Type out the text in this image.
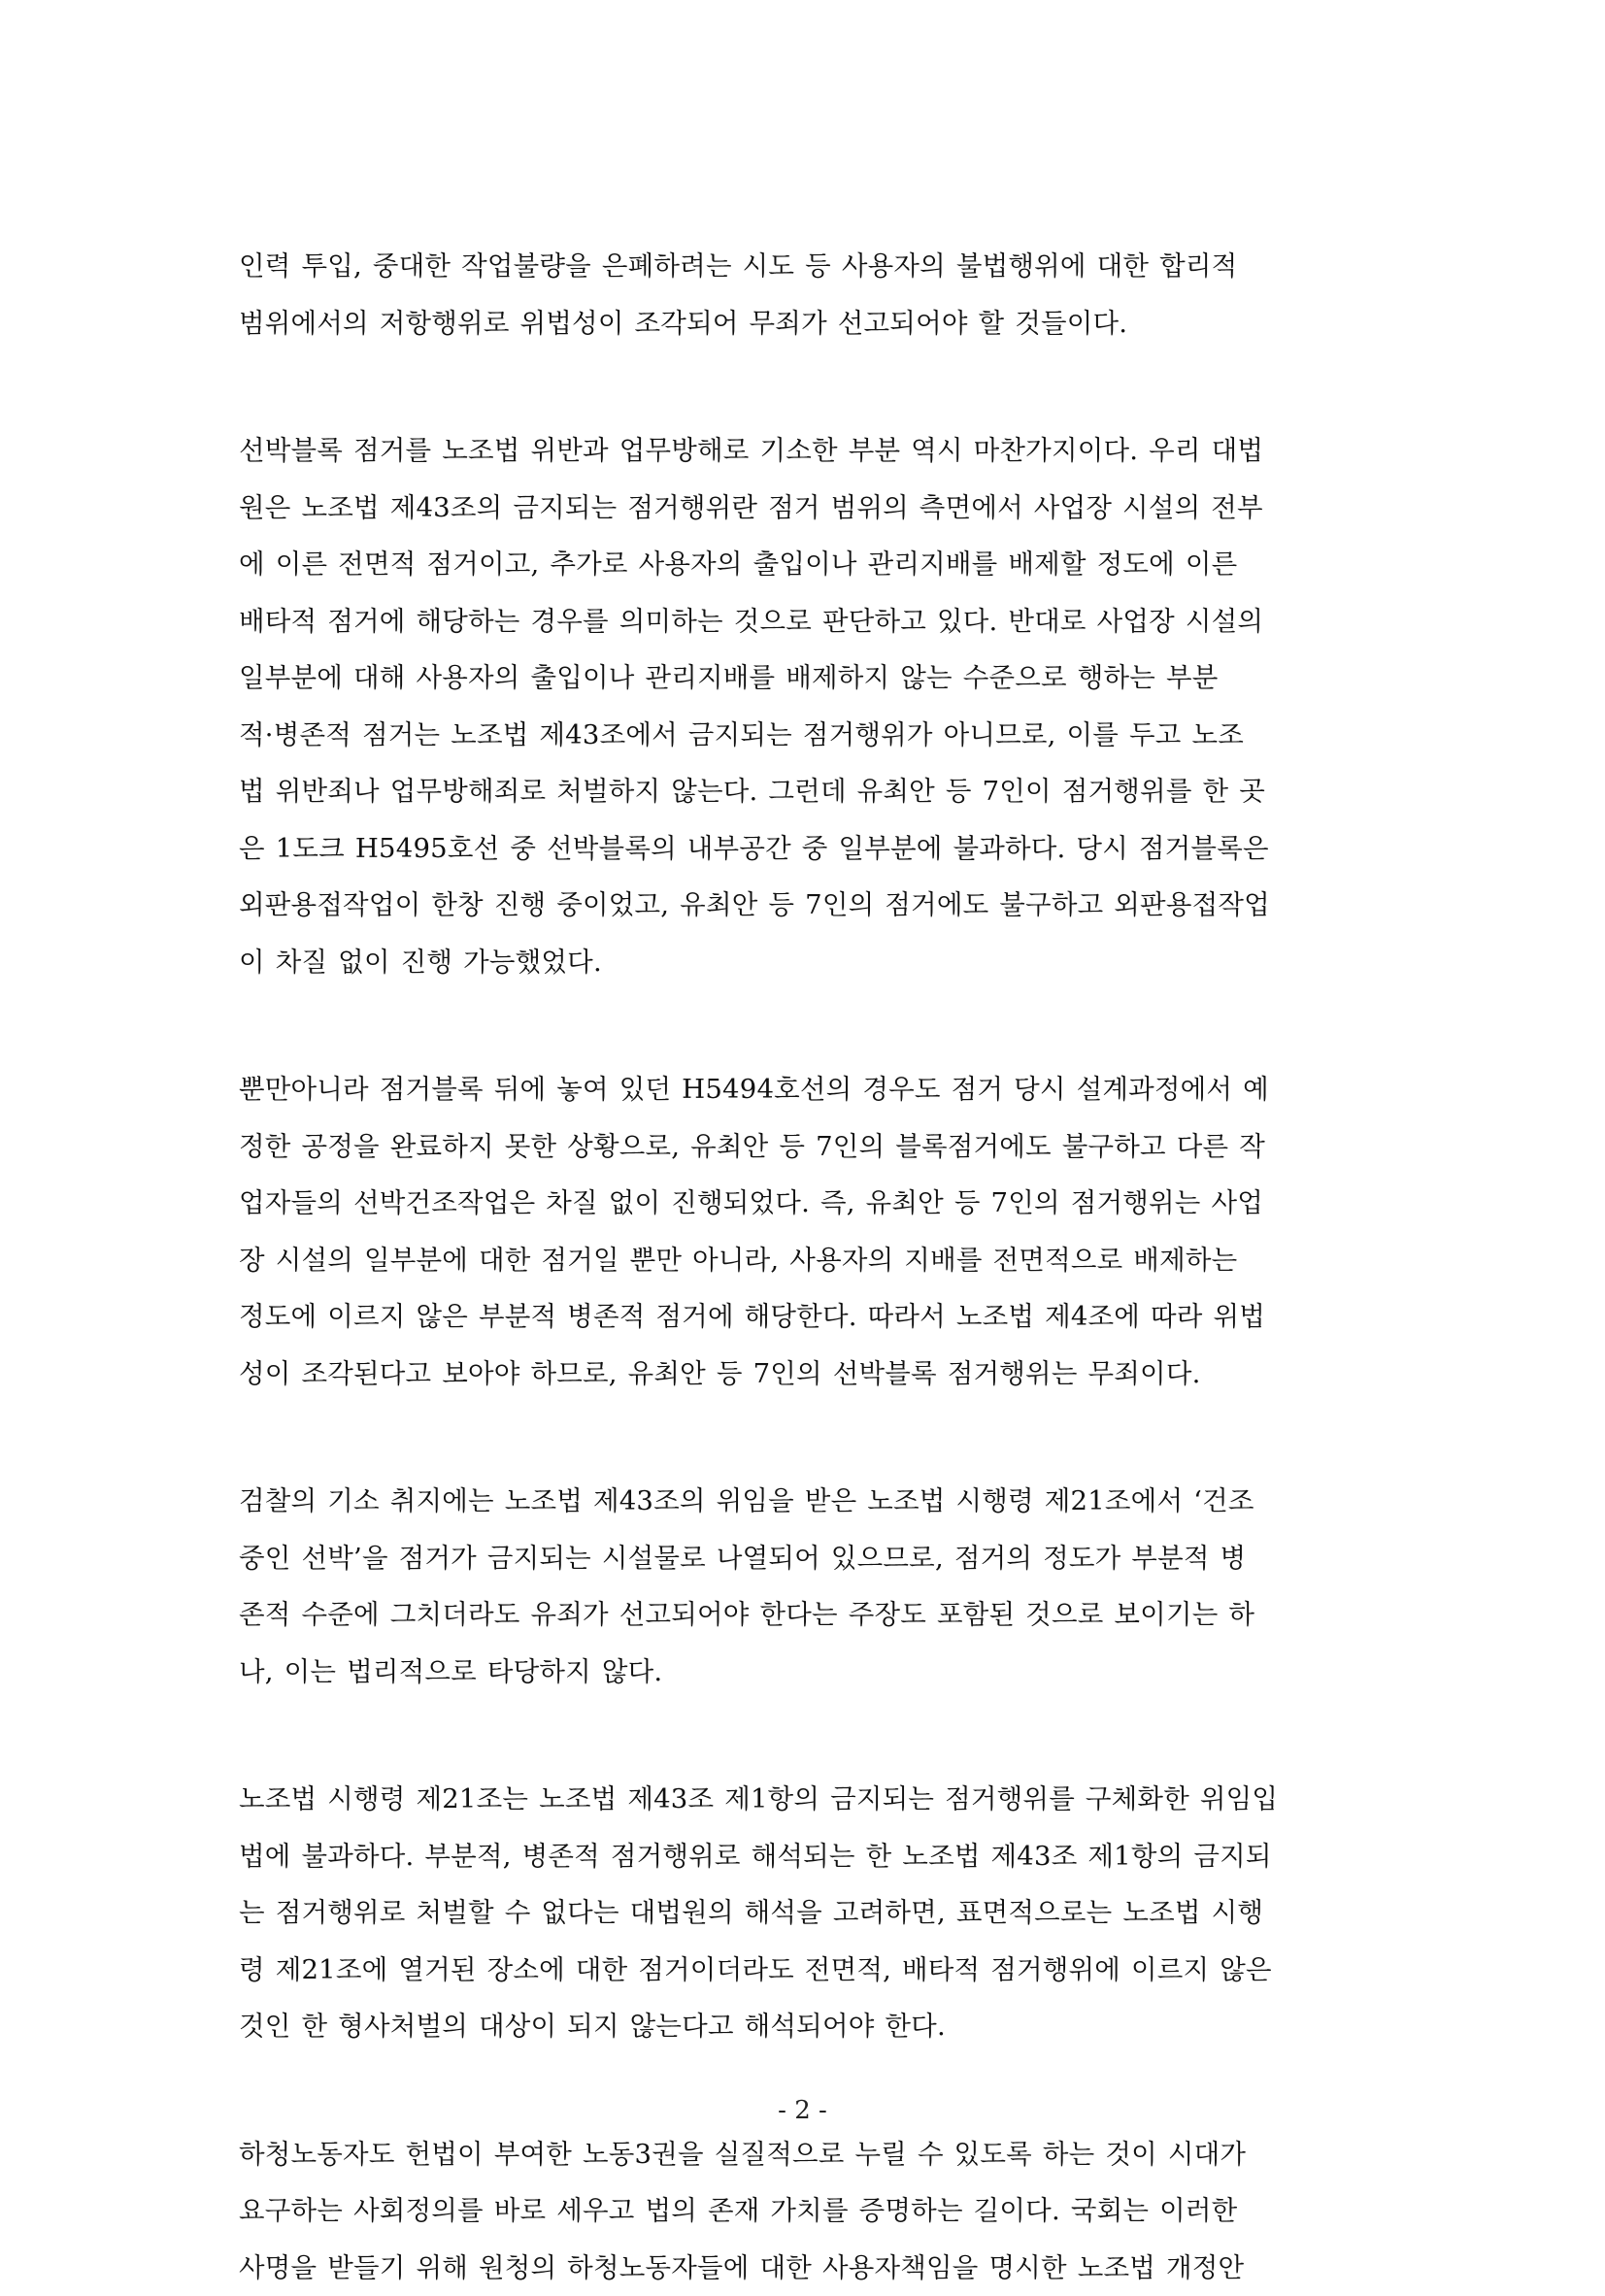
인력 투입, 중대한 작업불량을 은폐하려는 시도 등 사용자의 불법행위에 대한 합리적
범위에서의 저항행위로 위법성이 조각되어 무죄가 선고되어야 할 것들이다.

선박블록 점거를 노조법 위반과 업무방해로 기소한 부분 역시 마찬가지이다. 우리 대법
원은 노조법 제43조의 금지되는 점거행위란 점거 범위의 측면에서 사업장 시설의 전부
에 이른 전면적 점거이고, 추가로 사용자의 출입이나 관리지배를 배제할 정도에 이른
배타적 점거에 해당하는 경우를 의미하는 것으로 판단하고 있다. 반대로 사업장 시설의
일부분에 대해 사용자의 출입이나 관리지배를 배제하지 않는 수준으로 행하는 부분
적·병존적 점거는 노조법 제43조에서 금지되는 점거행위가 아니므로, 이를 두고 노조
법 위반죄나 업무방해죄로 처벌하지 않는다. 그런데 유최안 등 7인이 점거행위를 한 곳
은 1도크 H5495호선 중 선박블록의 내부공간 중 일부분에 불과하다. 당시 점거블록은
외판용접작업이 한창 진행 중이었고, 유최안 등 7인의 점거에도 불구하고 외판용접작업
이 차질 없이 진행 가능했었다.

뿐만아니라 점거블록 뒤에 놓여 있던 H5494호선의 경우도 점거 당시 설계과정에서 예
정한 공정을 완료하지 못한 상황으로, 유최안 등 7인의 블록점거에도 불구하고 다른 작
업자들의 선박건조작업은 차질 없이 진행되었다. 즉, 유최안 등 7인의 점거행위는 사업
장 시설의 일부분에 대한 점거일 뿐만 아니라, 사용자의 지배를 전면적으로 배제하는
정도에 이르지 않은 부분적 병존적 점거에 해당한다. 따라서 노조법 제4조에 따라 위법
성이 조각된다고 보아야 하므로, 유최안 등 7인의 선박블록 점거행위는 무죄이다.

검찰의 기소 취지에는 노조법 제43조의 위임을 받은 노조법 시행령 제21조에서 ‘건조
중인 선박’을 점거가 금지되는 시설물로 나열되어 있으므로, 점거의 정도가 부분적 병
존적 수준에 그치더라도 유죄가 선고되어야 한다는 주장도 포함된 것으로 보이기는 하
나, 이는 법리적으로 타당하지 않다.

노조법 시행령 제21조는 노조법 제43조 제1항의 금지되는 점거행위를 구체화한 위임입
법에 불과하다. 부분적, 병존적 점거행위로 해석되는 한 노조법 제43조 제1항의 금지되
는 점거행위로 처벌할 수 없다는 대법원의 해석을 고려하면, 표면적으로는 노조법 시행
령 제21조에 열거된 장소에 대한 점거이더라도 전면적, 배타적 점거행위에 이르지 않은
것인 한 형사처벌의 대상이 되지 않는다고 해석되어야 한다.

하청노동자도 헌법이 부여한 노동3권을 실질적으로 누릴 수 있도록 하는 것이 시대가
요구하는 사회정의를 바로 세우고 법의 존재 가치를 증명하는 길이다. 국회는 이러한
사명을 받들기 위해 원청의 하청노동자들에 대한 사용자책임을 명시한 노조법 개정안

- 2 -
